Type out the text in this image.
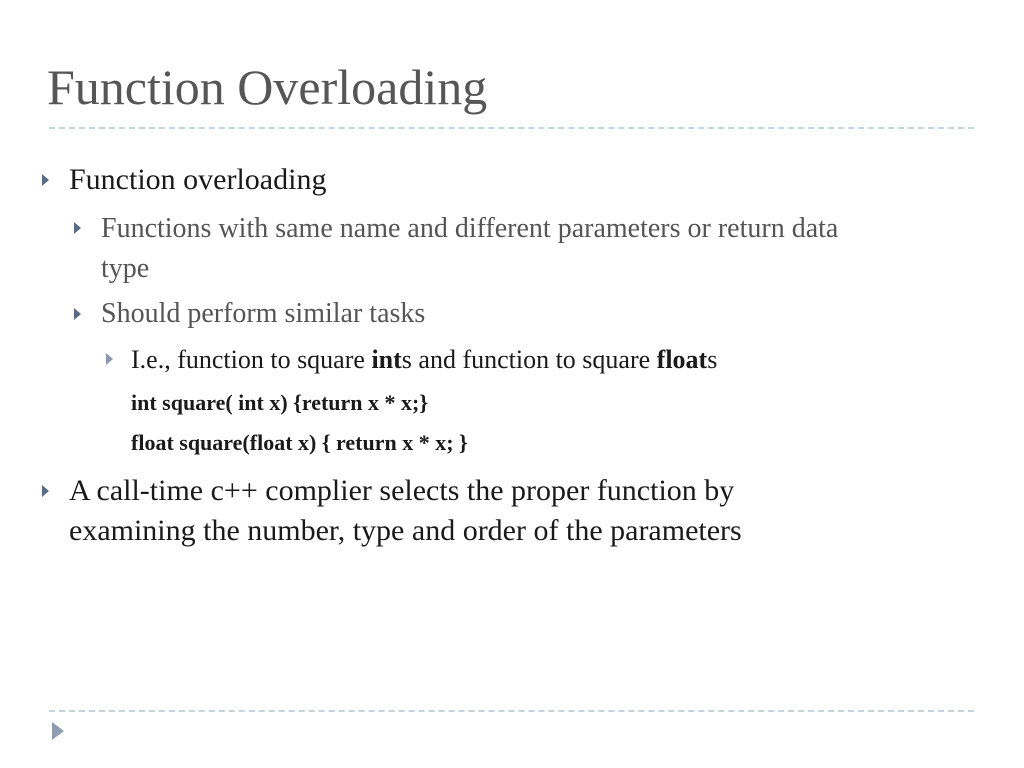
Function Overloading
Function overloading
Functions with same name and different parameters or return data
type
Should perform similar tasks
I.e., function to square ints and function to square floats
int square( int x) {return x * x;}
float square(float x) { return x * x; }
A call-time c++ complier selects the proper function by
examining the number, type and order of the parameters
